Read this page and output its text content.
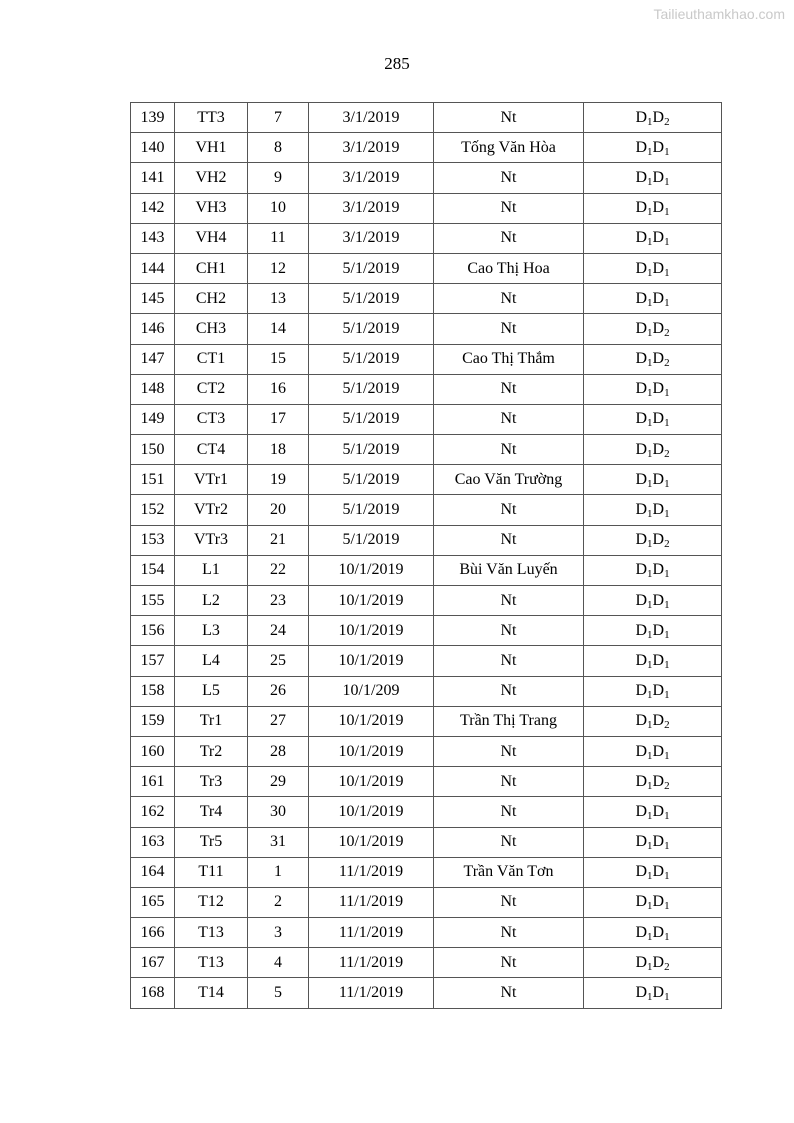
Tailieuthamkhao.com
285
139	TT3	7	3/1/2019	Nt	$D_1D_2$
140	VH1	8	3/1/2019	Tống Văn Hòa	$D_1D_1$
141	VH2	9	3/1/2019	Nt	$D_1D_1$
142	VH3	10	3/1/2019	Nt	$D_1D_1$
143	VH4	11	3/1/2019	Nt	$D_1D_1$
144	CH1	12	5/1/2019	Cao Thị Hoa	$D_1D_1$
145	CH2	13	5/1/2019	Nt	$D_1D_1$
146	CH3	14	5/1/2019	Nt	$D_1D_2$
147	CT1	15	5/1/2019	Cao Thị Thắm	$D_1D_2$
148	CT2	16	5/1/2019	Nt	$D_1D_1$
149	CT3	17	5/1/2019	Nt	$D_1D_1$
150	CT4	18	5/1/2019	Nt	$D_1D_2$
151	VTr1	19	5/1/2019	Cao Văn Trường	$D_1D_1$
152	VTr2	20	5/1/2019	Nt	$D_1D_1$
153	VTr3	21	5/1/2019	Nt	$D_1D_2$
154	L1	22	10/1/2019	Bùi Văn Luyến	$D_1D_1$
155	L2	23	10/1/2019	Nt	$D_1D_1$
156	L3	24	10/1/2019	Nt	$D_1D_1$
157	L4	25	10/1/2019	Nt	$D_1D_1$
158	L5	26	10/1/209	Nt	$D_1D_1$
159	Tr1	27	10/1/2019	Trần Thị Trang	$D_1D_2$
160	Tr2	28	10/1/2019	Nt	$D_1D_1$
161	Tr3	29	10/1/2019	Nt	$D_1D_2$
162	Tr4	30	10/1/2019	Nt	$D_1D_1$
163	Tr5	31	10/1/2019	Nt	$D_1D_1$
164	T11	1	11/1/2019	Trần Văn Tơn	$D_1D_1$
165	T12	2	11/1/2019	Nt	$D_1D_1$
166	T13	3	11/1/2019	Nt	$D_1D_1$
167	T13	4	11/1/2019	Nt	$D_1D_2$
168	T14	5	11/1/2019	Nt	$D_1D_1$
